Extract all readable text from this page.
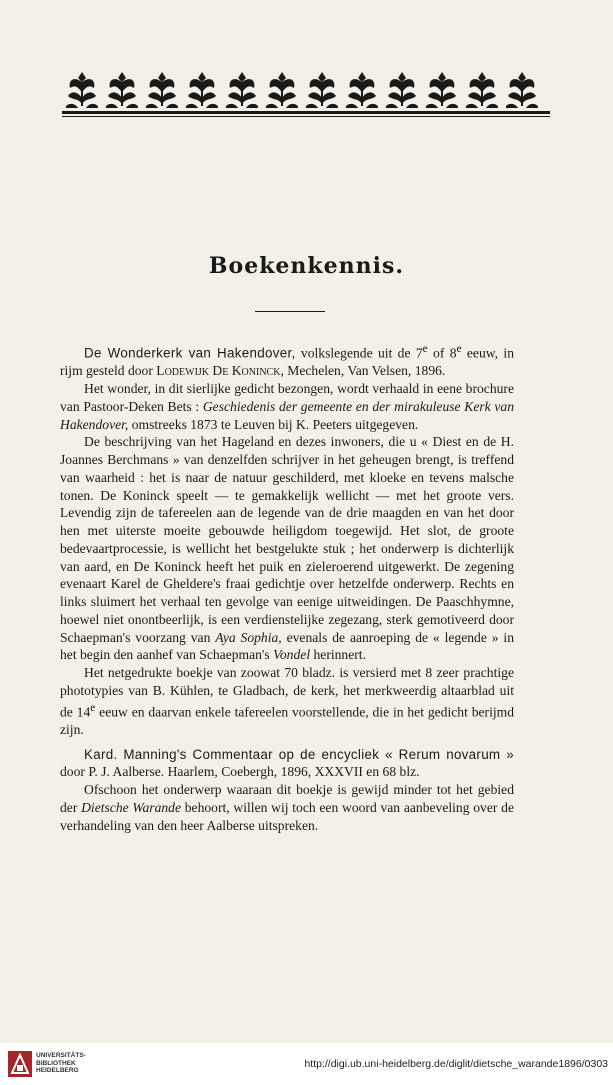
Boekenkennis.

De Wonderkerk van Hakendover, volkslegende uit de 7e of 8e eeuw, in rijm gesteld door Lodewijk De Koninck, Mechelen, Van Velsen, 1896.

Het wonder, in dit sierlijke gedicht bezongen, wordt verhaald in eene brochure van Pastoor-Deken Bets : Geschiedenis der gemeente en der mirakuleuse Kerk van Hakendover, omstreeks 1873 te Leuven bij K. Peeters uitgegeven.

De beschrijving van het Hageland en dezes inwoners, die u « Diest en de H. Joannes Berchmans » van denzelfden schrijver in het geheugen brengt, is treffend van waarheid : het is naar de natuur geschilderd, met kloeke en tevens malsche tonen. De Koninck speelt — te gemakkelijk wellicht — met het groote vers. Levendig zijn de tafereelen aan de legende van de drie maagden en van het door hen met uiterste moeite gebouwde heiligdom toegewijd. Het slot, de groote bedevaartprocessie, is wellicht het bestgelukte stuk ; het onderwerp is dichterlijk van aard, en De Koninck heeft het puik en zieleroerend uitgewerkt. De zegening evenaart Karel de Gheldere's fraai gedichtje over hetzelfde onderwerp. Rechts en links sluimert het verhaal ten gevolge van eenige uitweidingen. De Paaschhymne, hoewel niet onontbeerlijk, is een verdienstelijke zegezang, sterk gemotiveerd door Schaepman's voorzang van Aya Sophia, evenals de aanroeping de « legende » in het begin den aanhef van Schaepman's Vondel herinnert.

Het netgedrukte boekje van zoowat 70 bladz. is versierd met 8 zeer prachtige phototypies van B. Kühlen, te Gladbach, de kerk, het merkweerdig altaarblad uit de 14e eeuw en daarvan enkele tafereelen voorstellende, die in het gedicht berijmd zijn.

Kard. Manning's Commentaar op de encycliek « Rerum novarum » door P. J. Aalberse. Haarlem, Coebergh, 1896, XXXVII en 68 blz.

Ofschoon het onderwerp waaraan dit boekje is gewijd minder tot het gebied der Dietsche Warande behoort, willen wij toch een woord van aanbeveling over de verhandeling van den heer Aalberse uitspreken.

UNIVERSITÄTS-
BIBLIOTHEK
HEIDELBERG
http://digi.ub.uni-heidelberg.de/diglit/dietsche_warande1896/0303
